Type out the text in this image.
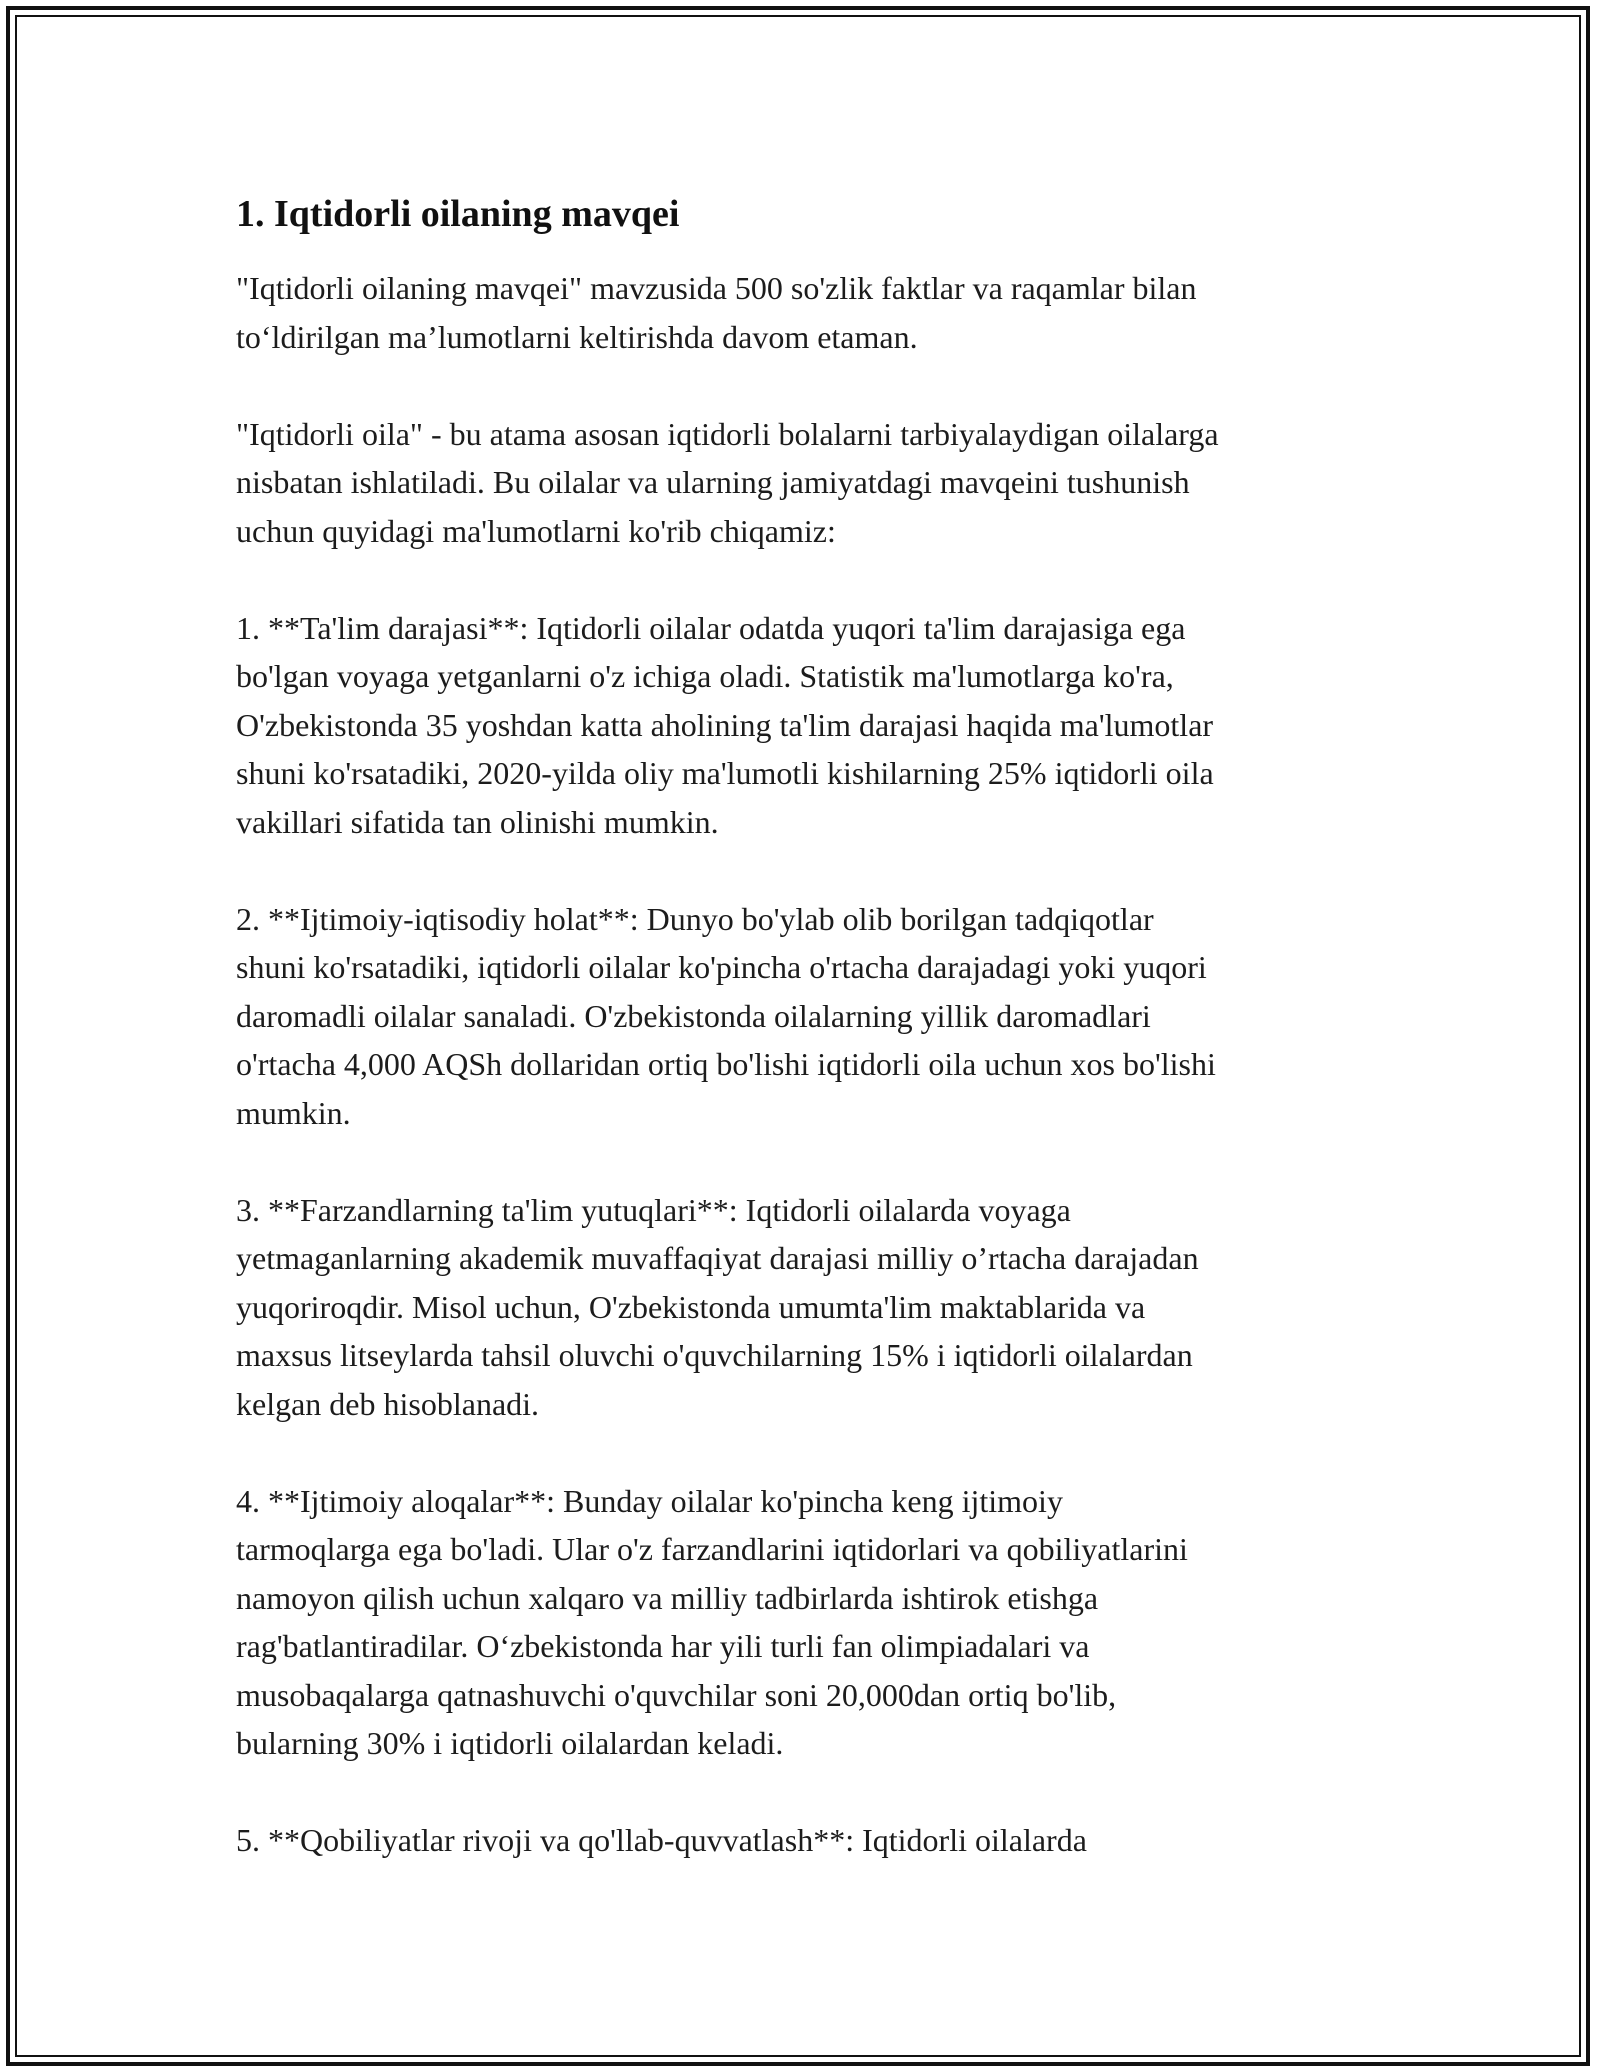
1. Iqtidorli oilaning mavqei

"Iqtidorli oilaning mavqei" mavzusida 500 so'zlik faktlar va raqamlar bilan
to‘ldirilgan ma’lumotlarni keltirishda davom etaman.

"Iqtidorli oila" - bu atama asosan iqtidorli bolalarni tarbiyalaydigan oilalarga
nisbatan ishlatiladi. Bu oilalar va ularning jamiyatdagi mavqeini tushunish
uchun quyidagi ma'lumotlarni ko'rib chiqamiz:

1. **Ta'lim darajasi**: Iqtidorli oilalar odatda yuqori ta'lim darajasiga ega
bo'lgan voyaga yetganlarni o'z ichiga oladi. Statistik ma'lumotlarga ko'ra,
O'zbekistonda 35 yoshdan katta aholining ta'lim darajasi haqida ma'lumotlar
shuni ko'rsatadiki, 2020-yilda oliy ma'lumotli kishilarning 25% iqtidorli oila
vakillari sifatida tan olinishi mumkin.

2. **Ijtimoiy-iqtisodiy holat**: Dunyo bo'ylab olib borilgan tadqiqotlar
shuni ko'rsatadiki, iqtidorli oilalar ko'pincha o'rtacha darajadagi yoki yuqori
daromadli oilalar sanaladi. O'zbekistonda oilalarning yillik daromadlari
o'rtacha 4,000 AQSh dollaridan ortiq bo'lishi iqtidorli oila uchun xos bo'lishi
mumkin.

3. **Farzandlarning ta'lim yutuqlari**: Iqtidorli oilalarda voyaga
yetmaganlarning akademik muvaffaqiyat darajasi milliy o’rtacha darajadan
yuqoriroqdir. Misol uchun, O'zbekistonda umumta'lim maktablarida va
maxsus litseylarda tahsil oluvchi o'quvchilarning 15% i iqtidorli oilalardan
kelgan deb hisoblanadi.

4. **Ijtimoiy aloqalar**: Bunday oilalar ko'pincha keng ijtimoiy
tarmoqlarga ega bo'ladi. Ular o'z farzandlarini iqtidorlari va qobiliyatlarini
namoyon qilish uchun xalqaro va milliy tadbirlarda ishtirok etishga
rag'batlantiradilar. O‘zbekistonda har yili turli fan olimpiadalari va
musobaqalarga qatnashuvchi o'quvchilar soni 20,000dan ortiq bo'lib,
bularning 30% i iqtidorli oilalardan keladi.

5. **Qobiliyatlar rivoji va qo'llab-quvvatlash**: Iqtidorli oilalarda
